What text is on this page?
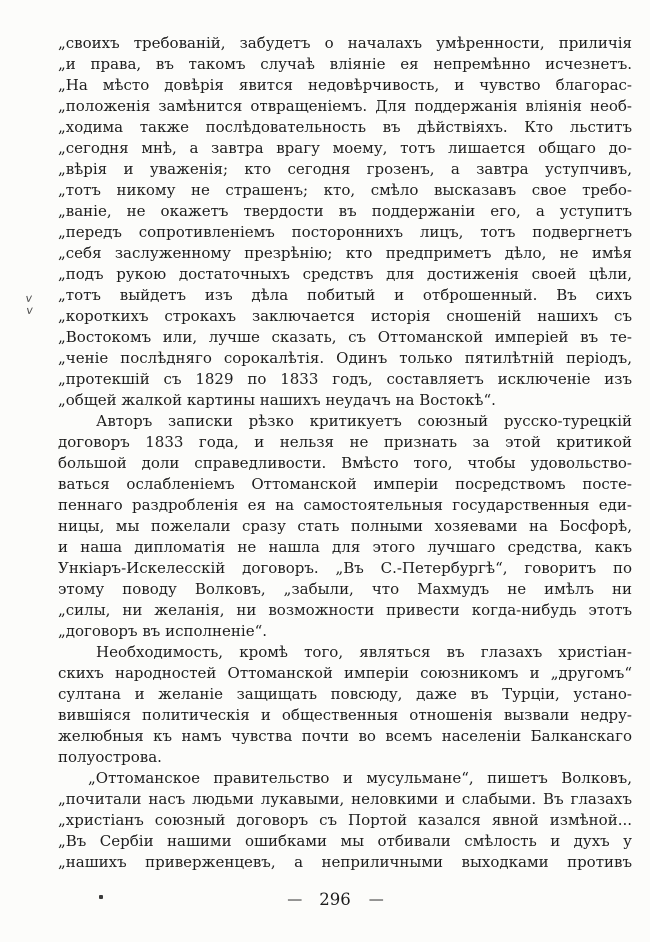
v v
„своихъ требованій, забудетъ о началахъ умѣренности, приличія
„и права, въ такомъ случаѣ вліяніе ея непремѣнно исчезнетъ.
„На мѣсто довѣрія явится недовѣрчивость, и чувство благорас-
„положенія замѣнится отвращеніемъ. Для поддержанія вліянія необ-
„ходима также послѣдовательность въ дѣйствіяхъ. Кто льститъ
„сегодня мнѣ, а завтра врагу моему, тотъ лишается общаго до-
„вѣрія и уваженія; кто сегодня грозенъ, а завтра уступчивъ,
„тотъ никому не страшенъ; кто, смѣло высказавъ свое требо-
„ваніе, не окажетъ твердости въ поддержаніи его, а уступитъ
„передъ сопротивленіемъ постороннихъ лицъ, тотъ подвергнетъ
„себя заслуженному презрѣнію; кто предприметъ дѣло, не имѣя
„подъ рукою достаточныхъ средствъ для достиженія своей цѣли,
„тотъ выйдетъ изъ дѣла побитый и отброшенный. Въ сихъ
„короткихъ строкахъ заключается исторія сношеній нашихъ съ
„Востокомъ или, лучше сказать, съ Оттоманской имперіей въ те-
„ченіе послѣдняго сорокалѣтія. Одинъ только пятилѣтній періодъ,
„протекшій съ 1829 по 1833 годъ, составляетъ исключеніе изъ
„общей жалкой картины нашихъ неудачъ на Востокѣ“.
Авторъ записки рѣзко критикуетъ союзный русско-турецкій
договоръ 1833 года, и нельзя не признать за этой критикой
большой доли справедливости. Вмѣсто того, чтобы удовольство-
ваться ослабленіемъ Оттоманской имперіи посредствомъ посте-
пеннаго раздробленія ея на самостоятельныя государственныя еди-
ницы, мы пожелали сразу стать полными хозяевами на Босфорѣ,
и наша дипломатія не нашла для этого лучшаго средства, какъ
Ункіаръ-Искелесскій договоръ. „Въ С.-Петербургѣ“, говоритъ по
этому поводу Волковъ, „забыли, что Махмудъ не имѣлъ ни
„силы, ни желанія, ни возможности привести когда-нибудь этотъ
„договоръ въ исполненіе“.
Необходимость, кромѣ того, являться въ глазахъ христіан-
скихъ народностей Оттоманской имперіи союзникомъ и „другомъ“
султана и желаніе защищать повсюду, даже въ Турціи, устано-
вившіяся политическія и общественныя отношенія вызвали недру-
желюбныя къ намъ чувства почти во всемъ населеніи Балканскаго
полуострова.
„Оттоманское правительство и мусульмане“, пишетъ Волковъ,
„почитали насъ людьми лукавыми, неловкими и слабыми. Въ глазахъ
„христіанъ союзный договоръ съ Портой казался явной измѣной...
„Въ Сербіи нашими ошибками мы отбивали смѣлость и духъ у
„нашихъ приверженцевъ, а неприличными выходками противъ
— 296 —
